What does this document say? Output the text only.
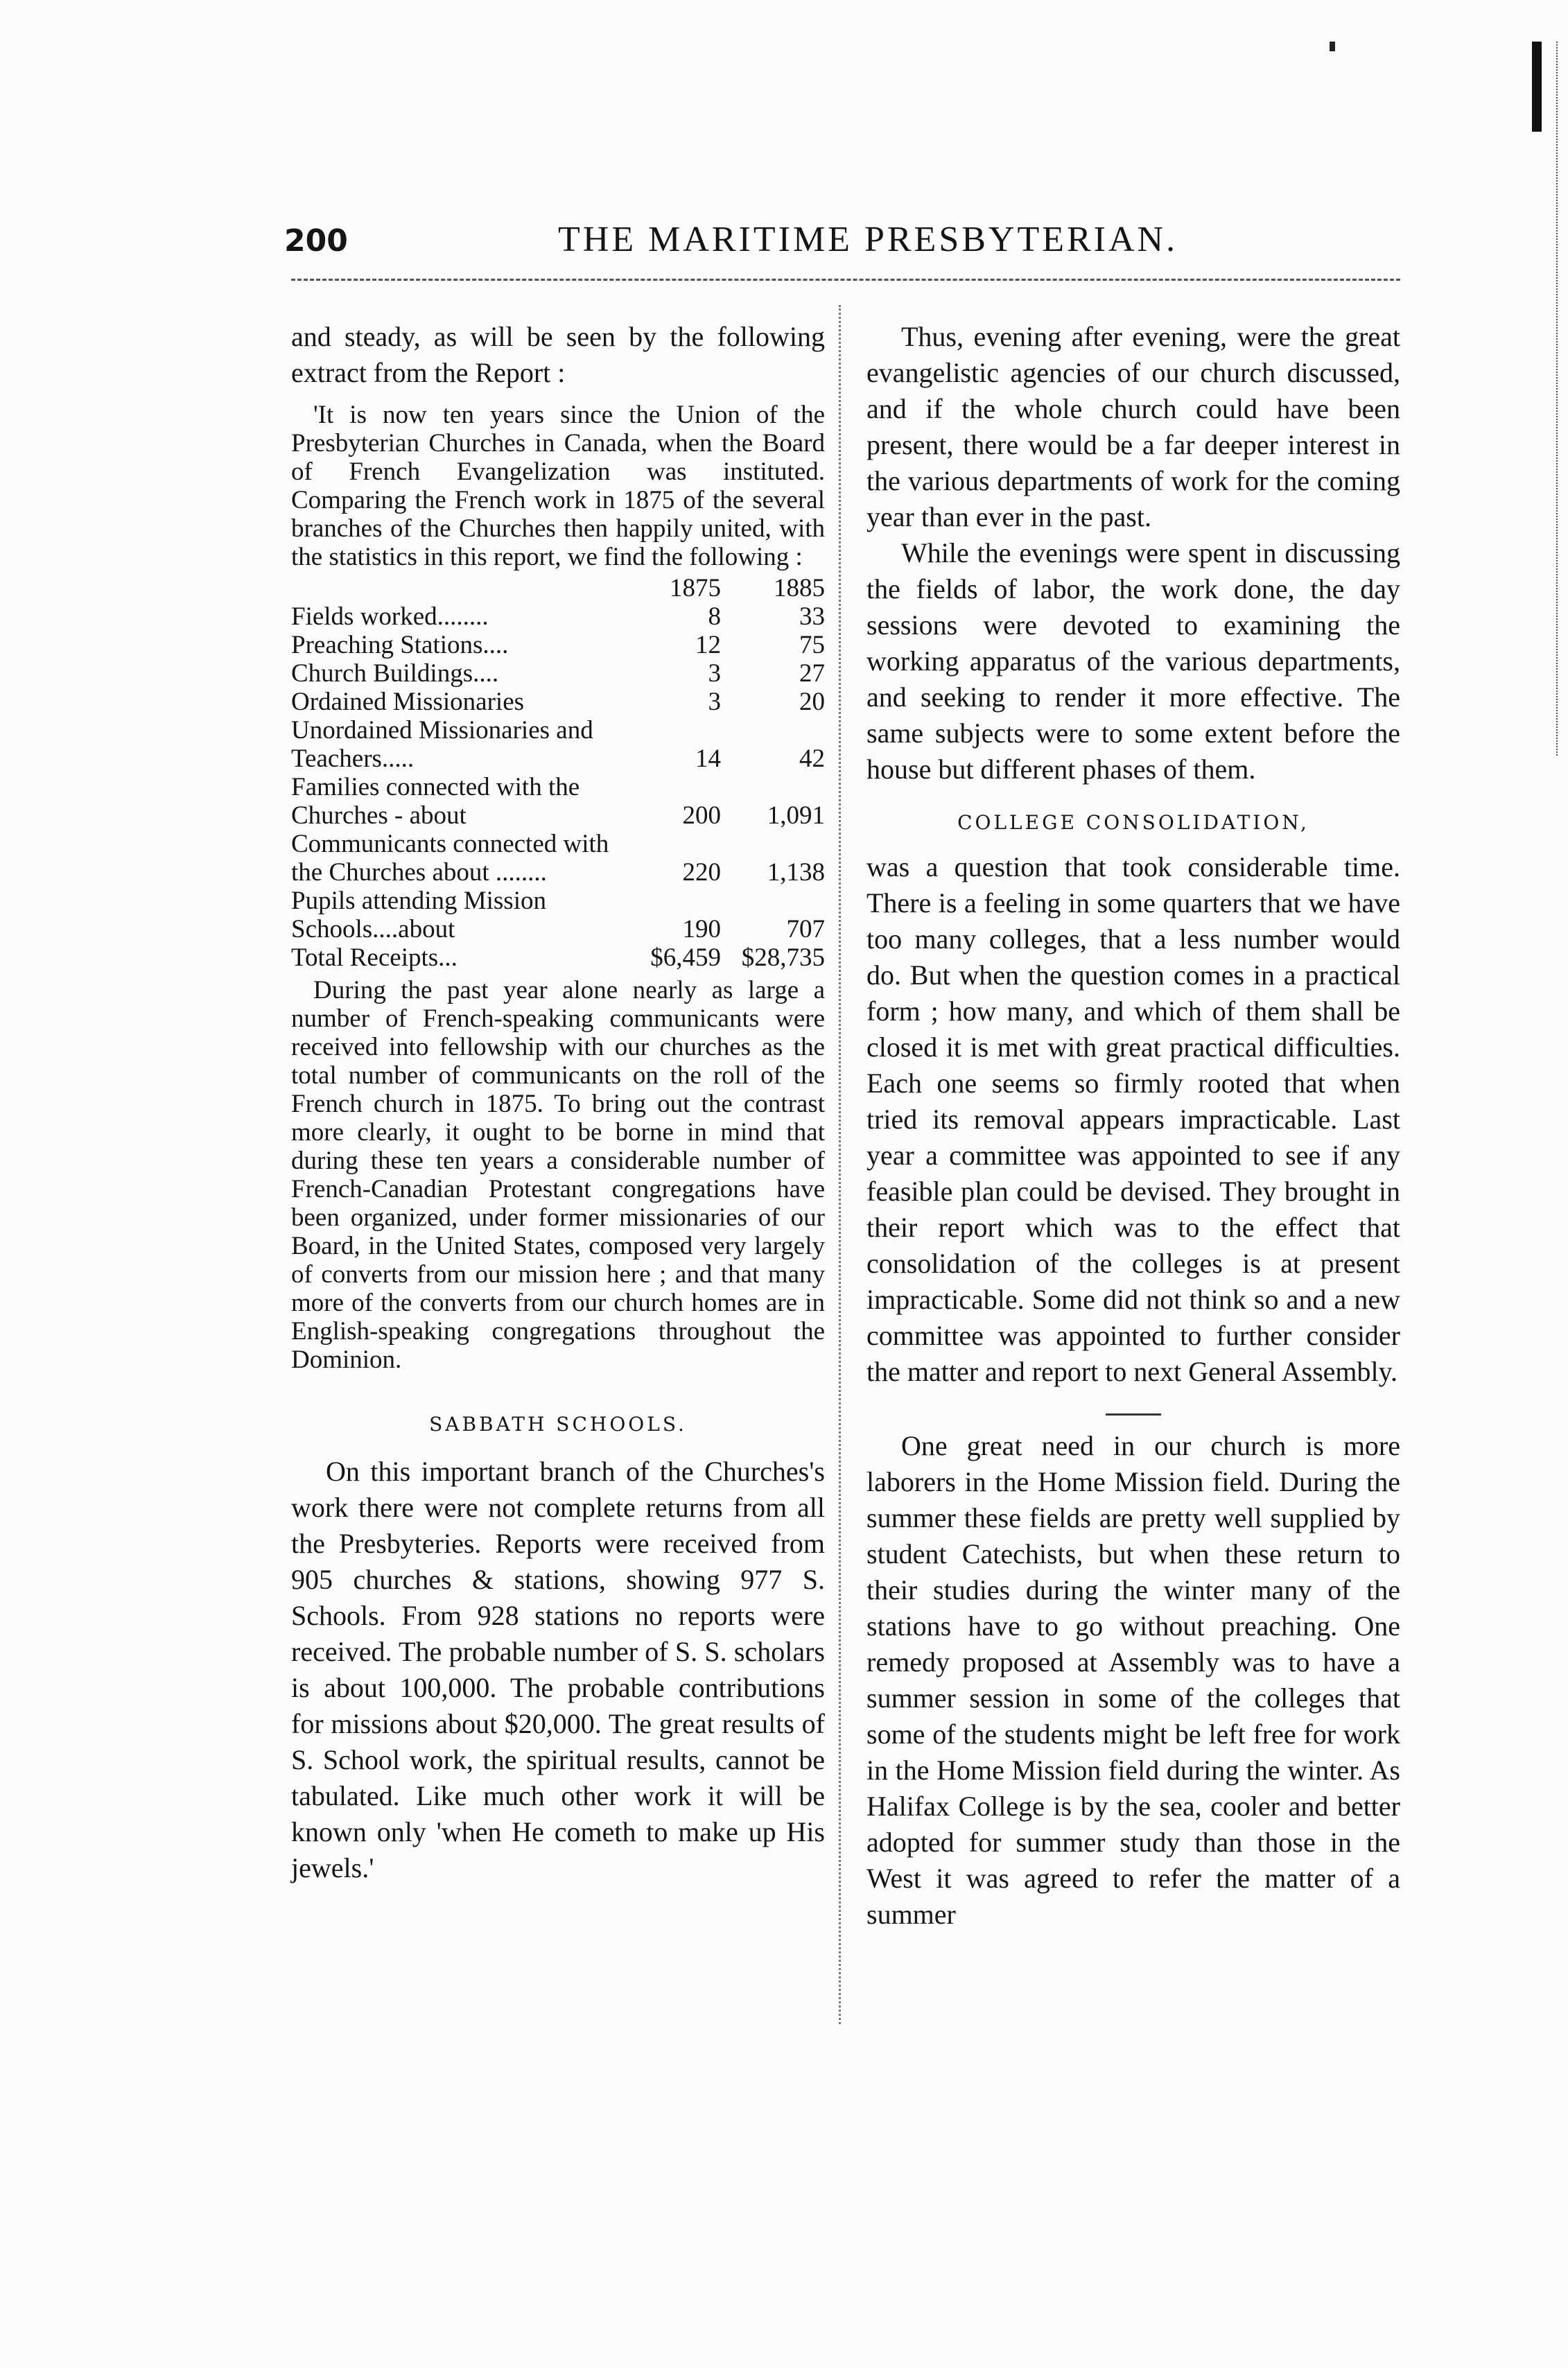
200	THE MARITIME PRESBYTERIAN.

and steady, as will be seen by the following extract from the Report :

'It is now ten years since the Union of the Presbyterian Churches in Canada, when the Board of French Evangelization was instituted. Comparing the French work in 1875 of the several branches of the Churches then happily united, with the statistics in this report, we find the following :

	1875	1885
Fields worked........	8	33
Preaching Stations....	12	75
Church Buildings....	3	27
Ordained Missionaries	3	20
Unordained Missionaries and Teachers.....	14	42
Families connected with the Churches - about	200	1,091
Communicants connected with the Churches about ........	220	1,138
Pupils attending Mission Schools....about	190	707
Total Receipts...	$6,459	$28,735

During the past year alone nearly as large a number of French-speaking communicants were received into fellowship with our churches as the total number of communicants on the roll of the French church in 1875. To bring out the contrast more clearly, it ought to be borne in mind that during these ten years a considerable number of French-Canadian Protestant congregations have been organized, under former missionaries of our Board, in the United States, composed very largely of converts from our mission here ; and that many more of the converts from our church homes are in English-speaking congregations throughout the Dominion.

SABBATH SCHOOLS.

On this important branch of the Churches's work there were not complete returns from all the Presbyteries. Reports were received from 905 churches & stations, showing 977 S. Schools. From 928 stations no reports were received. The probable number of S. S. scholars is about 100,000. The probable contributions for missions about $20,000. The great results of S. School work, the spiritual results, cannot be tabulated. Like much other work it will be known only 'when He cometh to make up His jewels.'

Thus, evening after evening, were the great evangelistic agencies of our church discussed, and if the whole church could have been present, there would be a far deeper interest in the various departments of work for the coming year than ever in the past.

While the evenings were spent in discussing the fields of labor, the work done, the day sessions were devoted to examining the working apparatus of the various departments, and seeking to render it more effective. The same subjects were to some extent before the house but different phases of them.

COLLEGE CONSOLIDATION,

was a question that took considerable time. There is a feeling in some quarters that we have too many colleges, that a less number would do. But when the question comes in a practical form ; how many, and which of them shall be closed it is met with great practical difficulties. Each one seems so firmly rooted that when tried its removal appears impracticable. Last year a committee was appointed to see if any feasible plan could be devised. They brought in their report which was to the effect that consolidation of the colleges is at present impracticable. Some did not think so and a new committee was appointed to further consider the matter and report to next General Assembly.

One great need in our church is more laborers in the Home Mission field. During the summer these fields are pretty well supplied by student Catechists, but when these return to their studies during the winter many of the stations have to go without preaching. One remedy proposed at Assembly was to have a summer session in some of the colleges that some of the students might be left free for work in the Home Mission field during the winter. As Halifax College is by the sea, cooler and better adopted for summer study than those in the West it was agreed to refer the matter of a summer
